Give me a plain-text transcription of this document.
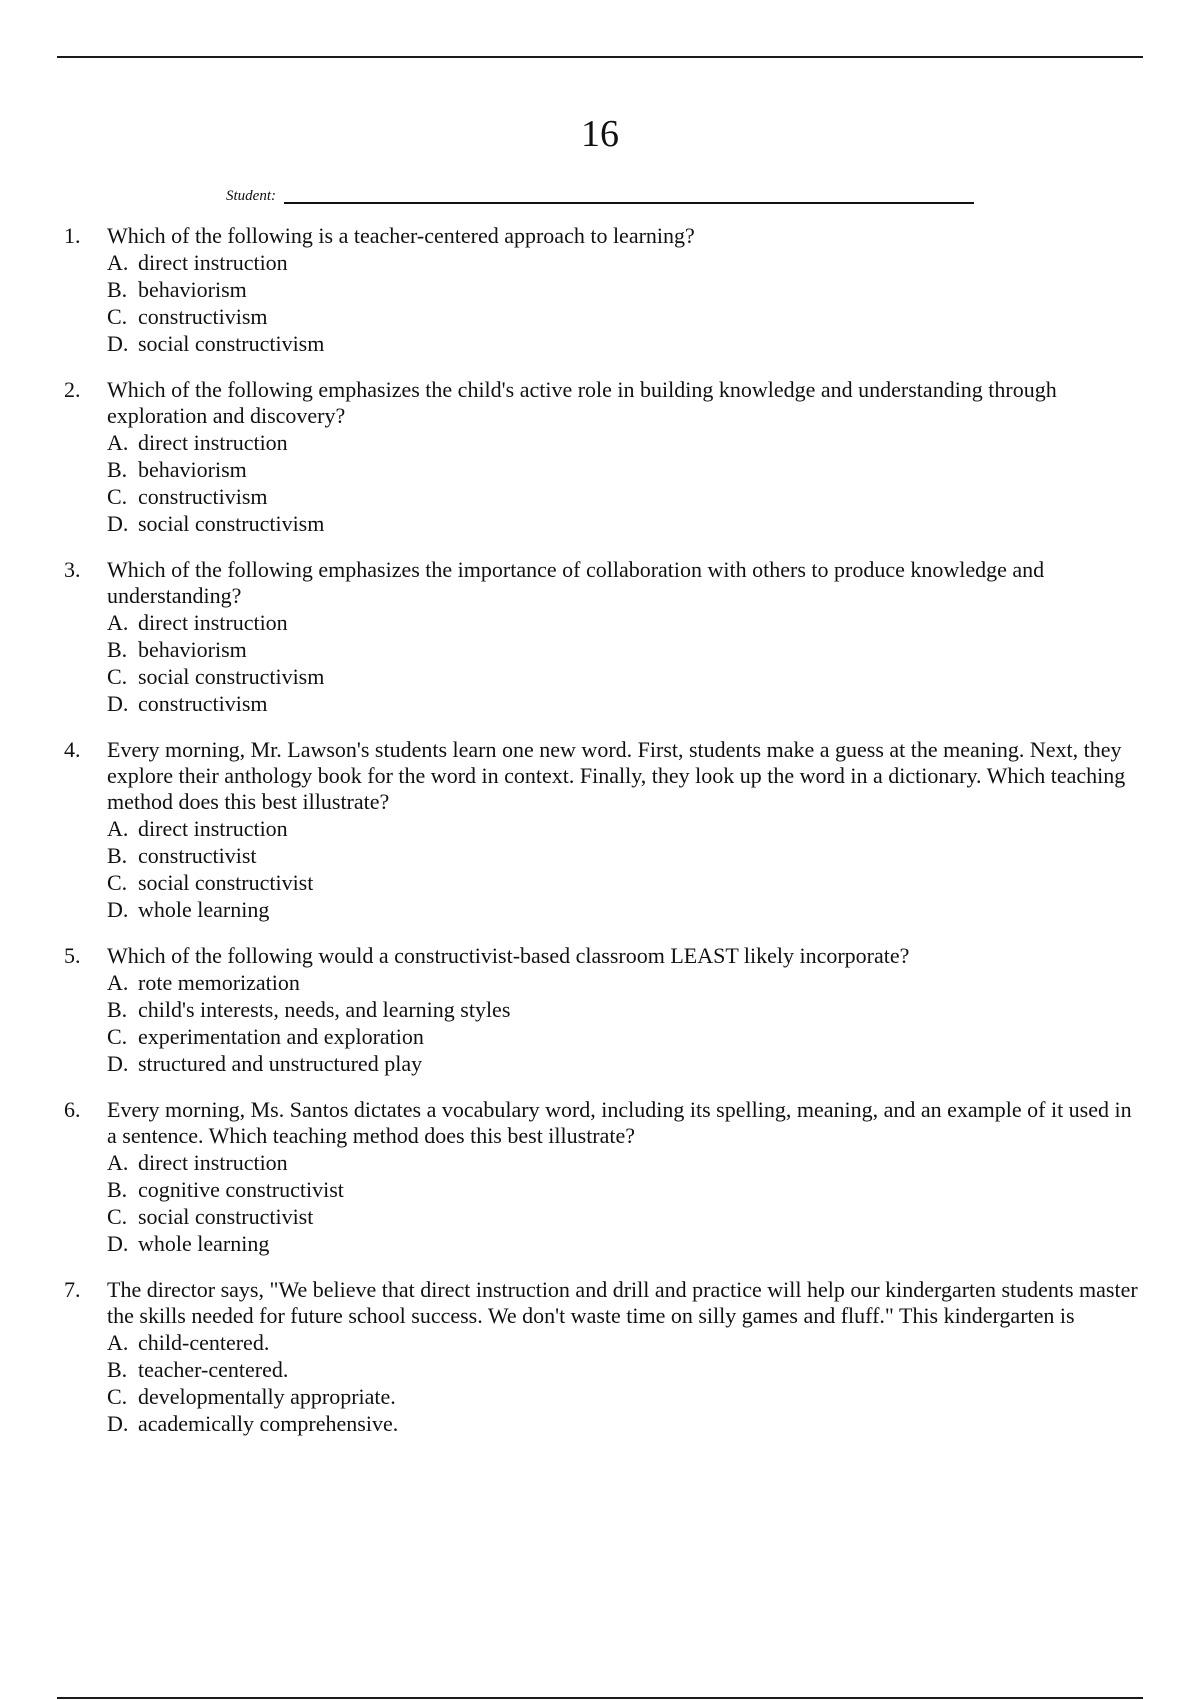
16
Student:
1.	Which of the following is a teacher-centered approach to learning?
A. direct instruction
B. behaviorism
C. constructivism
D. social constructivism
2.	Which of the following emphasizes the child's active role in building knowledge and understanding through exploration and discovery?
A. direct instruction
B. behaviorism
C. constructivism
D. social constructivism
3.	Which of the following emphasizes the importance of collaboration with others to produce knowledge and understanding?
A. direct instruction
B. behaviorism
C. social constructivism
D. constructivism
4.	Every morning, Mr. Lawson's students learn one new word. First, students make a guess at the meaning. Next, they explore their anthology book for the word in context. Finally, they look up the word in a dictionary. Which teaching method does this best illustrate?
A. direct instruction
B. constructivist
C. social constructivist
D. whole learning
5.	Which of the following would a constructivist-based classroom LEAST likely incorporate?
A. rote memorization
B. child's interests, needs, and learning styles
C. experimentation and exploration
D. structured and unstructured play
6.	Every morning, Ms. Santos dictates a vocabulary word, including its spelling, meaning, and an example of it used in a sentence. Which teaching method does this best illustrate?
A. direct instruction
B. cognitive constructivist
C. social constructivist
D. whole learning
7.	The director says, "We believe that direct instruction and drill and practice will help our kindergarten students master the skills needed for future school success. We don't waste time on silly games and fluff." This kindergarten is
A. child-centered.
B. teacher-centered.
C. developmentally appropriate.
D. academically comprehensive.
